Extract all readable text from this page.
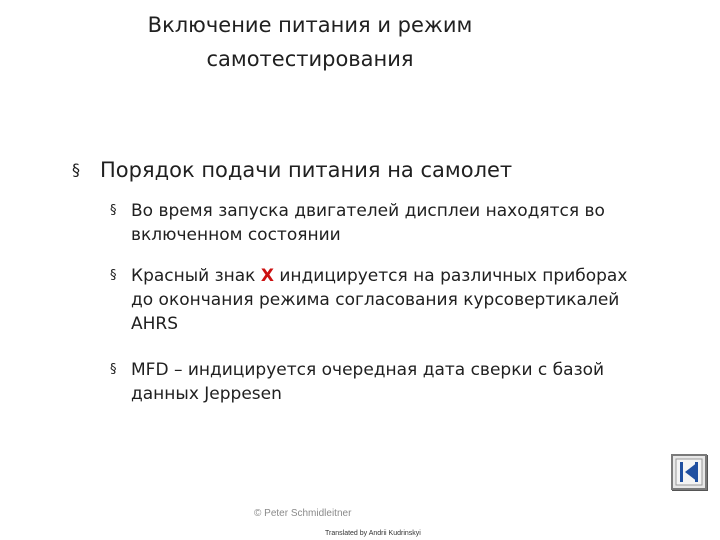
Включение питания и режим
самотестирования
§ Порядок подачи питания на самолет
§ Во время запуска двигателей дисплеи находятся во
включенном состоянии
§ Красный знак X индицируется на различных приборах
до окончания режима согласования курсовертикалей
AHRS
§ MFD – индицируется очередная дата сверки с базой
данных Jeppesen
© Peter Schmidleitner
Translated by Andrii Kudrinskyi
